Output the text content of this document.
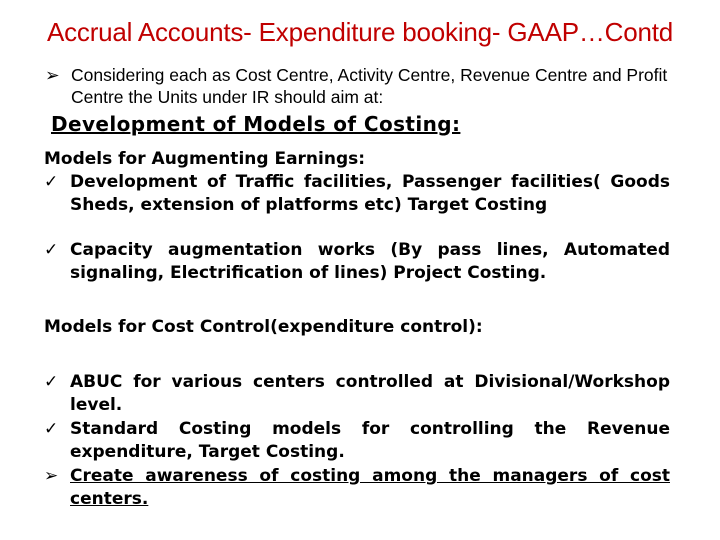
Accrual Accounts- Expenditure booking- GAAP…Contd
➢ Considering each as Cost Centre, Activity Centre, Revenue Centre and Profit Centre the Units under IR should aim at:
Development of Models of Costing:
Models for Augmenting Earnings:
✓ Development of Traffic facilities, Passenger facilities( Goods Sheds, extension of platforms etc) Target Costing
✓ Capacity augmentation works (By pass lines, Automated signaling, Electrification of lines) Project Costing.
Models for Cost Control(expenditure control):
✓ ABUC for various centers controlled at Divisional/Workshop level.
✓ Standard Costing models for controlling the Revenue expenditure, Target Costing.
➢ Create awareness of costing among the managers of cost centers.
